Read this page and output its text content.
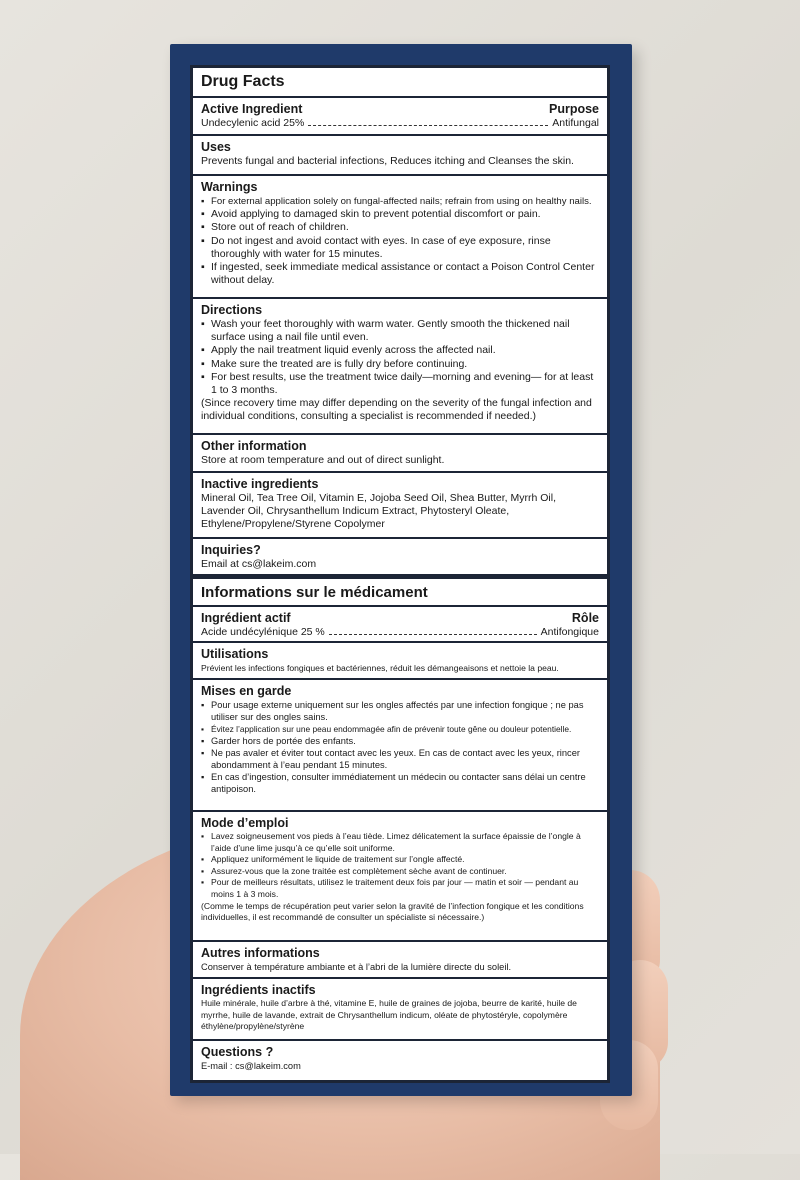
Drug Facts
Active Ingredient	Purpose
Undecylenic acid 25%	Antifungal
Uses
Prevents fungal and bacterial infections, Reduces itching and Cleanses the skin.
Warnings
▪ For external application solely on fungal-affected nails; refrain from using on healthy nails.
▪ Avoid applying to damaged skin to prevent potential discomfort or pain.
▪ Store out of reach of children.
▪ Do not ingest and avoid contact with eyes. In case of eye exposure, rinse thoroughly with water for 15 minutes.
▪ If ingested, seek immediate medical assistance or contact a Poison Control Center without delay.
Directions
▪ Wash your feet thoroughly with warm water. Gently smooth the thickened nail surface using a nail file until even.
▪ Apply the nail treatment liquid evenly across the affected nail.
▪ Make sure the treated are is fully dry before continuing.
▪ For best results, use the treatment twice daily—morning and evening— for at least 1 to 3 months.
(Since recovery time may differ depending on the severity of the fungal infection and individual conditions, consulting a specialist is recommended if needed.)
Other information
Store at room temperature and out of direct sunlight.
Inactive ingredients
Mineral Oil, Tea Tree Oil, Vitamin E, Jojoba Seed Oil, Shea Butter, Myrrh Oil, Lavender Oil, Chrysanthellum Indicum Extract, Phytosteryl Oleate, Ethylene/Propylene/Styrene Copolymer
Inquiries?
Email at cs@lakeim.com
Informations sur le médicament
Ingrédient actif	Rôle
Acide undécylénique 25 %	Antifongique
Utilisations
Prévient les infections fongiques et bactériennes, réduit les démangeaisons et nettoie la peau.
Mises en garde
▪ Pour usage externe uniquement sur les ongles affectés par une infection fongique ; ne pas utiliser sur des ongles sains.
▪ Évitez l’application sur une peau endommagée afin de prévenir toute gêne ou douleur potentielle.
▪ Garder hors de portée des enfants.
▪ Ne pas avaler et éviter tout contact avec les yeux. En cas de contact avec les yeux, rincer abondamment à l’eau pendant 15 minutes.
▪ En cas d’ingestion, consulter immédiatement un médecin ou contacter sans délai un centre antipoison.
Mode d’emploi
▪ Lavez soigneusement vos pieds à l’eau tiède. Limez délicatement la surface épaissie de l’ongle à l’aide d’une lime jusqu’à ce qu’elle soit uniforme.
▪ Appliquez uniformément le liquide de traitement sur l’ongle affecté.
▪ Assurez-vous que la zone traitée est complètement sèche avant de continuer.
▪ Pour de meilleurs résultats, utilisez le traitement deux fois par jour — matin et soir — pendant au moins 1 à 3 mois.
(Comme le temps de récupération peut varier selon la gravité de l’infection fongique et les conditions individuelles, il est recommandé de consulter un spécialiste si nécessaire.)
Autres informations
Conserver à température ambiante et à l’abri de la lumière directe du soleil.
Ingrédients inactifs
Huile minérale, huile d’arbre à thé, vitamine E, huile de graines de jojoba, beurre de karité, huile de myrrhe, huile de lavande, extrait de Chrysanthellum indicum, oléate de phytostéryle, copolymère éthylène/propylène/styrène
Questions ?
E-mail : cs@lakeim.com
